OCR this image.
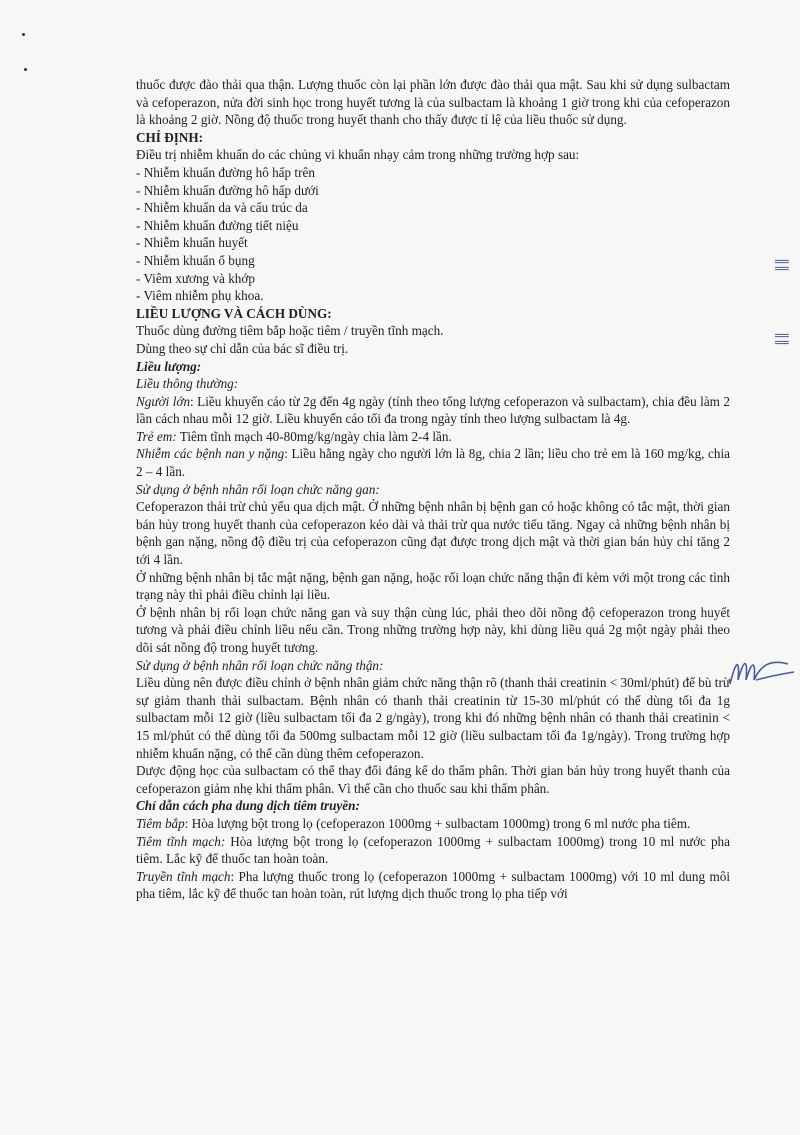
∥∥
∥∥

thuốc được đào thải qua thận. Lượng thuốc còn lại phần lớn được đào thải qua mật. Sau khi sử dụng sulbactam và cefoperazon, nửa đời sinh học trong huyết tương là của sulbactam là khoảng 1 giờ trong khi của cefoperazon là khoảng 2 giờ. Nồng độ thuốc trong huyết thanh cho thấy được tỉ lệ của liều thuốc sử dụng.

CHỈ ĐỊNH:

Điều trị nhiễm khuẩn do các chủng vi khuẩn nhạy cảm trong những trường hợp sau:

- Nhiễm khuẩn đường hô hấp trên

- Nhiễm khuẩn đường hô hấp dưới

- Nhiễm khuẩn da và cấu trúc da

- Nhiễm khuẩn đường tiết niệu

- Nhiễm khuẩn huyết

- Nhiễm khuẩn ổ bụng

- Viêm xương và khớp

- Viêm nhiễm phụ khoa.

LIỀU LƯỢNG VÀ CÁCH DÙNG:

Thuốc dùng đường tiêm bắp hoặc tiêm / truyền tĩnh mạch.

Dùng theo sự chỉ dẫn của bác sĩ điều trị.

Liều lượng:

Liều thông thường:

Người lớn: Liều khuyến cáo từ 2g đến 4g ngày (tính theo tổng lượng cefoperazon và sulbactam), chia đều làm 2 lần cách nhau mỗi 12 giờ. Liều khuyến cáo tối đa trong ngày tính theo lượng sulbactam là 4g.

Trẻ em: Tiêm tĩnh mạch 40-80mg/kg/ngày chia làm 2-4 lần.

Nhiễm các bệnh nan y nặng: Liều hằng ngày cho người lớn là 8g, chia 2 lần; liều cho trẻ em là 160 mg/kg, chia 2 – 4 lần.

Sử dụng ở bệnh nhân rối loạn chức năng gan:

Cefoperazon thải trừ chủ yếu qua dịch mật. Ở những bệnh nhân bị bệnh gan có hoặc không có tắc mật, thời gian bán hủy trong huyết thanh của cefoperazon kéo dài và thải trừ qua nước tiểu tăng. Ngay cả những bệnh nhân bị bệnh gan nặng, nồng độ điều trị của cefoperazon cũng đạt được trong dịch mật và thời gian bán hủy chỉ tăng 2 tới 4 lần.

Ở những bệnh nhân bị tắc mật nặng, bệnh gan nặng, hoặc rối loạn chức năng thận đi kèm với một trong các tình trạng này thì phải điều chỉnh lại liều.

Ở bệnh nhân bị rối loạn chức năng gan và suy thận cùng lúc, phải theo dõi nồng độ cefoperazon trong huyết tương và phải điều chỉnh liều nếu cần. Trong những trường hợp này, khi dùng liều quá 2g một ngày phải theo dõi sát nồng độ trong huyết tương.

Sử dụng ở bệnh nhân rối loạn chức năng thận:

Liều dùng nên được điều chỉnh ở bệnh nhân giảm chức năng thận rõ (thanh thải creatinin < 30ml/phút) để bù trừ sự giảm thanh thải sulbactam. Bệnh nhân có thanh thải creatinin từ 15-30 ml/phút có thể dùng tối đa 1g sulbactam mỗi 12 giờ (liều sulbactam tối đa 2 g/ngày), trong khi đó những bệnh nhân có thanh thải creatinin < 15 ml/phút có thể dùng tối đa 500mg sulbactam mỗi 12 giờ (liều sulbactam tối đa 1g/ngày). Trong trường hợp nhiễm khuẩn nặng, có thể cần dùng thêm cefoperazon.

Dược động học của sulbactam có thể thay đổi đáng kể do thẩm phân. Thời gian bán hủy trong huyết thanh của cefoperazon giảm nhẹ khi thẩm phân. Vì thế cần cho thuốc sau khi thẩm phân.

Chỉ dẫn cách pha dung dịch tiêm truyền:

Tiêm bắp: Hòa lượng bột trong lọ (cefoperazon 1000mg + sulbactam 1000mg) trong 6 ml nước pha tiêm.

Tiêm tĩnh mạch: Hòa lượng bột trong lọ (cefoperazon 1000mg + sulbactam 1000mg) trong 10 ml nước pha tiêm. Lắc kỹ để thuốc tan hoàn toàn.

Truyền tĩnh mạch: Pha lượng thuốc trong lọ (cefoperazon 1000mg + sulbactam 1000mg) với 10 ml dung môi pha tiêm, lắc kỹ để thuốc tan hoàn toàn, rút lượng dịch thuốc trong lọ pha tiếp với
